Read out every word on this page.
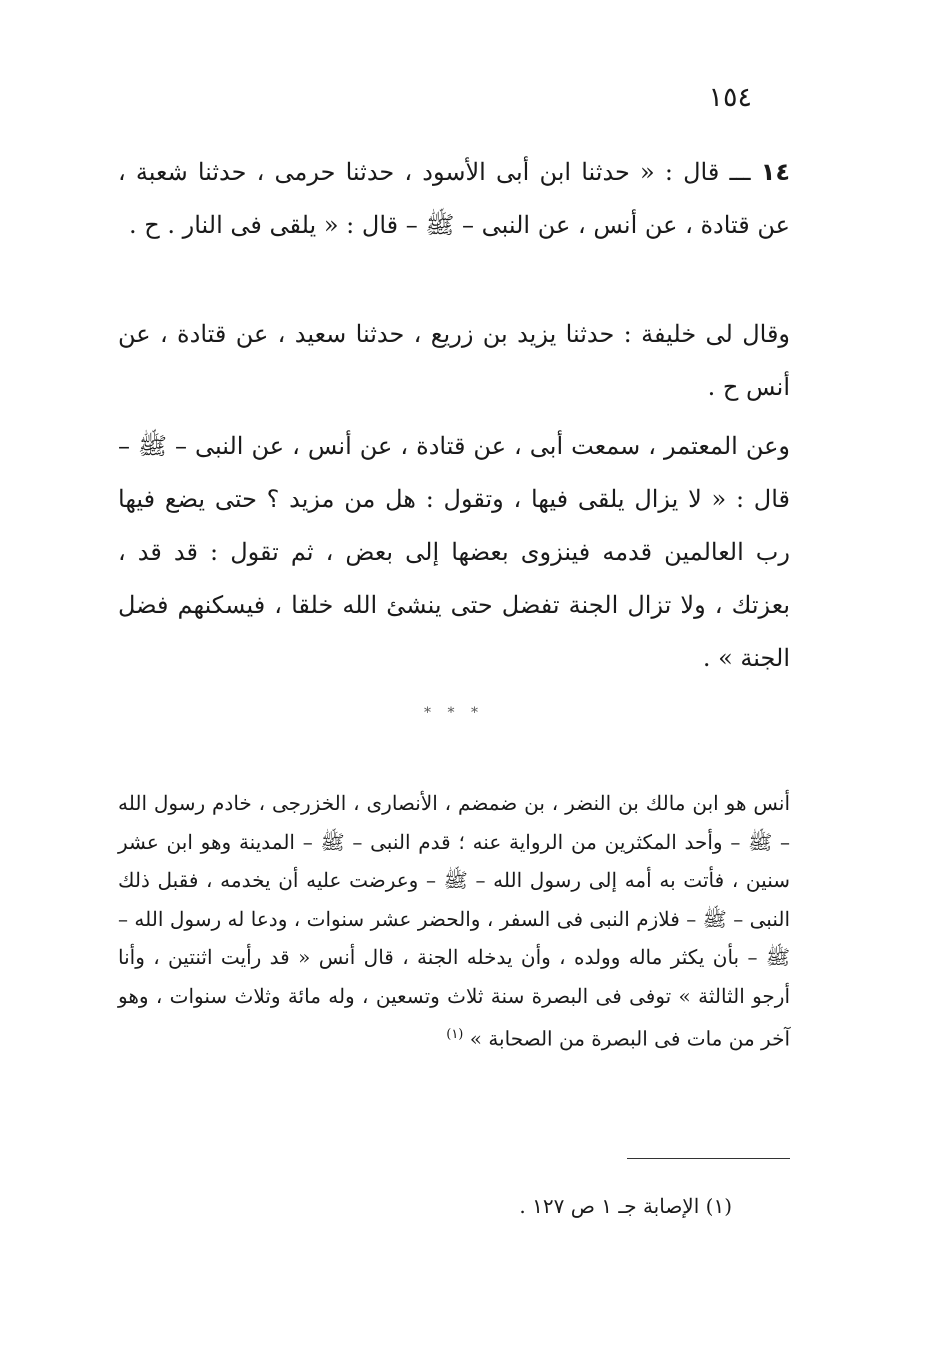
١٥٤

١٤ ـــ قال : « حدثنا ابن أبى الأسود ، حدثنا حرمى ، حدثنا شعبة ، عن قتادة ، عن أنس ، عن النبى – ﷺ – قال : « يلقى فى النار . ح .

وقال لى خليفة : حدثنا يزيد بن زريع ، حدثنا سعيد ، عن قتادة ، عن أنس ح .

وعن المعتمر ، سمعت أبى ، عن قتادة ، عن أنس ، عن النبى – ﷺ – قال : « لا يزال يلقى فيها ، وتقول : هل من مزيد ؟ حتى يضع فيها رب العالمين قدمه فينزوى بعضها إلى بعض ، ثم تقول : قد قد ، بعزتك ، ولا تزال الجنة تفضل حتى ينشئ الله خلقا ، فيسكنهم فضل الجنة » .

* * *

أنس هو ابن مالك بن النضر ، بن ضمضم ، الأنصارى ، الخزرجى ، خادم رسول الله – ﷺ – وأحد المكثرين من الرواية عنه ؛ قدم النبى – ﷺ – المدينة وهو ابن عشر سنين ، فأتت به أمه إلى رسول الله – ﷺ – وعرضت عليه أن يخدمه ، فقبل ذلك النبى – ﷺ – فلازم النبى فى السفر ، والحضر عشر سنوات ، ودعا له رسول الله – ﷺ – بأن يكثر ماله وولده ، وأن يدخله الجنة ، قال أنس « قد رأيت اثنتين ، وأنا أرجو الثالثة » توفى فى البصرة سنة ثلاث وتسعين ، وله مائة وثلاث سنوات ، وهو آخر من مات فى البصرة من الصحابة » $^{(١)}$

(١) الإصابة جـ ١ ص ١٢٧ .
